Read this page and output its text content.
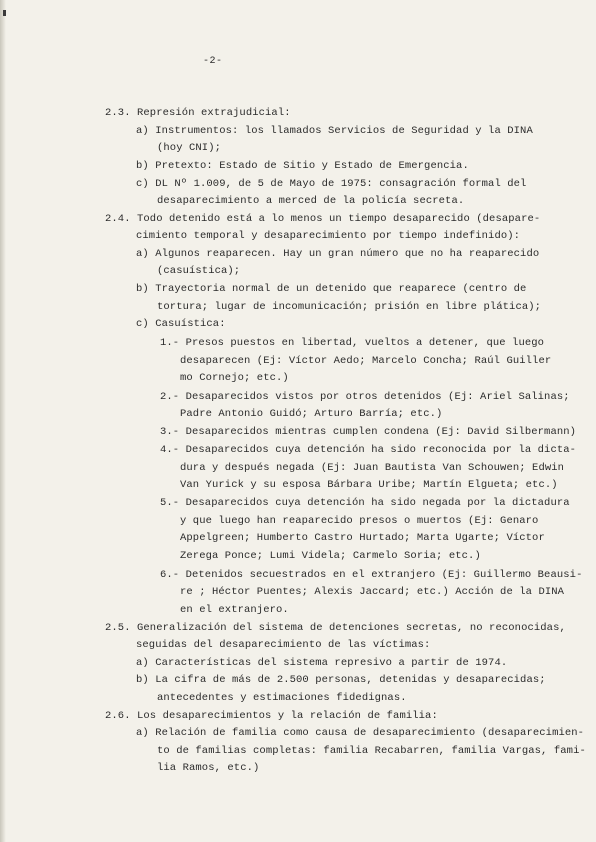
-2-
2.3. Represión extrajudicial:
a) Instrumentos: los llamados Servicios de Seguridad y la DINA
(hoy CNI);
b) Pretexto: Estado de Sitio y Estado de Emergencia.
c) DL Nº 1.009, de 5 de Mayo de 1975: consagración formal del
desaparecimiento a merced de la policía secreta.
2.4. Todo detenido está a lo menos un tiempo desaparecido (desapare-
cimiento temporal y desaparecimiento por tiempo indefinido):
a) Algunos reaparecen. Hay un gran número que no ha reaparecido
(casuística);
b) Trayectoria normal de un detenido que reaparece (centro de
tortura; lugar de incomunicación; prisión en libre plática);
c) Casuística:
1.- Presos puestos en libertad, vueltos a detener, que luego
desaparecen (Ej: Víctor Aedo; Marcelo Concha; Raúl Guiller
mo Cornejo; etc.)
2.- Desaparecidos vistos por otros detenidos (Ej: Ariel Salinas;
Padre Antonio Guidó; Arturo Barría; etc.)
3.- Desaparecidos mientras cumplen condena (Ej: David Silbermann)
4.- Desaparecidos cuya detención ha sido reconocida por la dicta-
dura y después negada (Ej: Juan Bautista Van Schouwen; Edwin
Van Yurick y su esposa Bárbara Uribe; Martín Elgueta; etc.)
5.- Desaparecidos cuya detención ha sido negada por la dictadura
y que luego han reaparecido presos o muertos (Ej: Genaro
Appelgreen; Humberto Castro Hurtado; Marta Ugarte; Víctor
Zerega Ponce; Lumi Videla; Carmelo Soria; etc.)
6.- Detenidos secuestrados en el extranjero (Ej: Guillermo Beausi-
re ; Héctor Puentes; Alexis Jaccard; etc.) Acción de la DINA
en el extranjero.
2.5. Generalización del sistema de detenciones secretas, no reconocidas,
seguidas del desaparecimiento de las víctimas:
a) Características del sistema represivo a partir de 1974.
b) La cifra de más de 2.500 personas, detenidas y desaparecidas;
antecedentes y estimaciones fidedignas.
2.6. Los desaparecimientos y la relación de familia:
a) Relación de familia como causa de desaparecimiento (desaparecimien-
to de familias completas: familia Recabarren, familia Vargas, fami-
lia Ramos, etc.)
